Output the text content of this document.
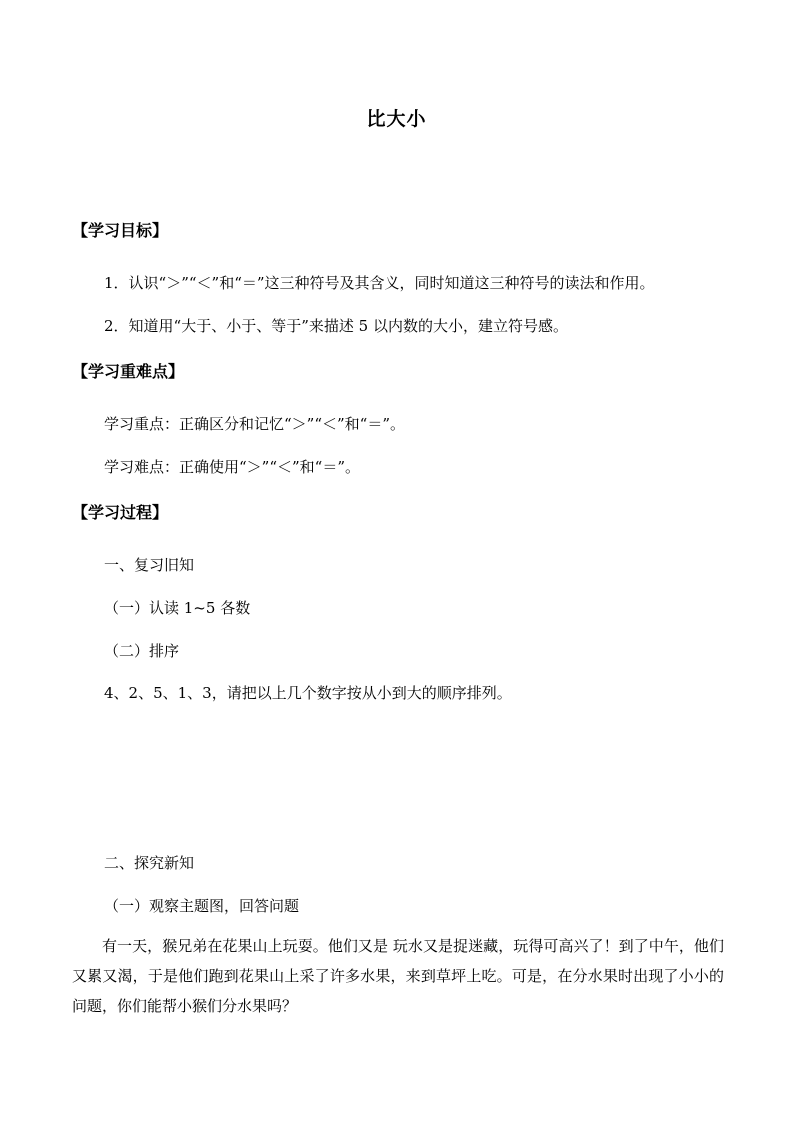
比大小
【学习目标】
1．认识“＞”“＜”和“＝”这三种符号及其含义，同时知道这三种符号的读法和作用。
2．知道用“大于、小于、等于”来描述 5 以内数的大小，建立符号感。
【学习重难点】
学习重点：正确区分和记忆“＞”“＜”和“＝”。
学习难点：正确使用“＞”“＜”和“＝”。
【学习过程】
一、复习旧知
（一）认读 1~5 各数
（二）排序
4、2、5、1、3，请把以上几个数字按从小到大的顺序排列。
二、探究新知
（一）观察主题图，回答问题
有一天，猴兄弟在花果山上玩耍。他们又是 玩水又是捉迷藏，玩得可高兴了！到了中午，他们又累又渴，于是他们跑到花果山上采了许多水果，来到草坪上吃。可是，在分水果时出现了小小的问题，你们能帮小猴们分水果吗？
